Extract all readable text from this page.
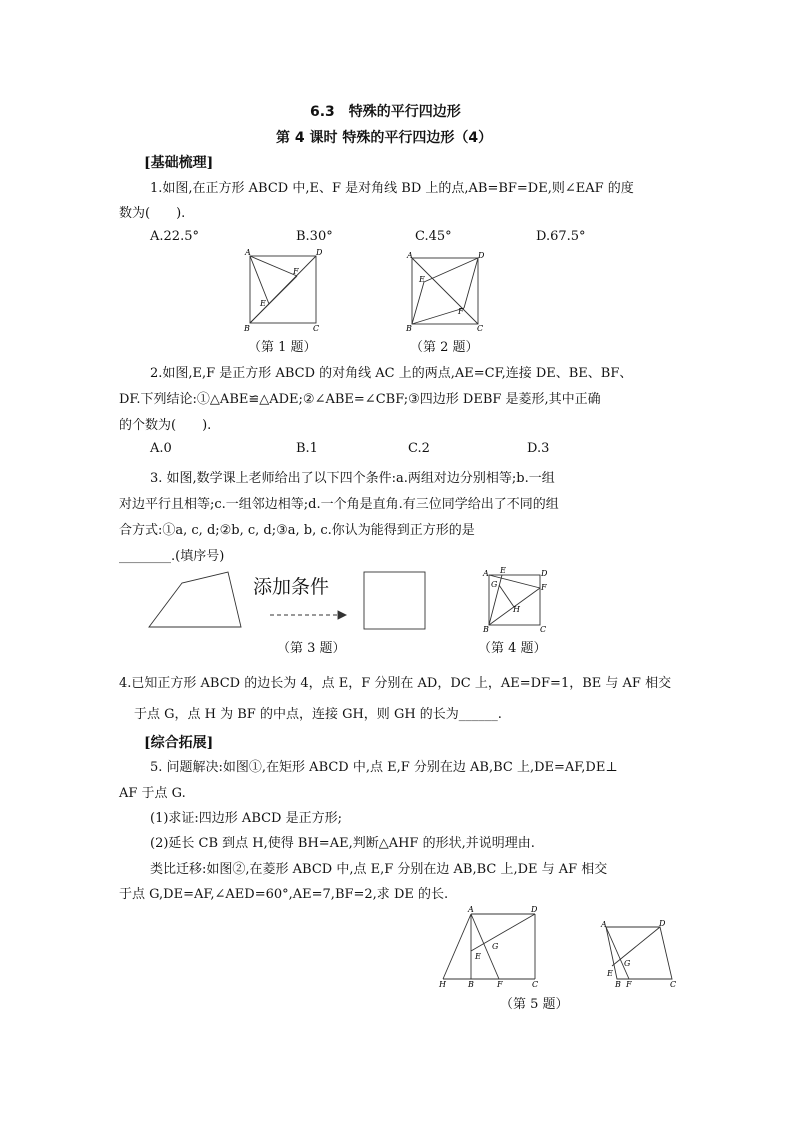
6.3　特殊的平行四边形
第 4 课时 特殊的平行四边形（4）
[基础梳理]
1.如图,在正方形 ABCD 中,E、F 是对角线 BD 上的点,AB=BF=DE,则∠EAF 的度
数为(　　).
A.22.5°	B.30°	C.45°	D.67.5°
A	D
B	C
E
F
（第 1 题）
A	D
B	C
E
F
（第 2 题）
2.如图,E,F 是正方形 ABCD 的对角线 AC 上的两点,AE=CF,连接 DE、BE、BF、
DF.下列结论:①△ABE≌△ADE;②∠ABE=∠CBF;③四边形 DEBF 是菱形,其中正确
的个数为(　　).
A.0	B.1	C.2	D.3
3. 如图,数学课上老师给出了以下四个条件:a.两组对边分别相等;b.一组
对边平行且相等;c.一组邻边相等;d.一个角是直角.有三位同学给出了不同的组
合方式:①a, c, d;②b, c, d;③a, b, c.你认为能得到正方形的是
________.(填序号)
添加条件
（第 3 题）
A E	D
F
G
H
B	C
（第 4 题）
4.已知正方形 ABCD 的边长为 4，点 E，F 分别在 AD，DC 上，AE=DF=1，BE 与 AF 相交
于点 G，点 H 为 BF 的中点，连接 GH，则 GH 的长为______.
[综合拓展]
5. 问题解决:如图①,在矩形 ABCD 中,点 E,F 分别在边 AB,BC 上,DE=AF,DE⊥
AF 于点 G.
(1)求证:四边形 ABCD 是正方形;
(2)延长 CB 到点 H,使得 BH=AE,判断△AHF 的形状,并说明理由.
类比迁移:如图②,在菱形 ABCD 中,点 E,F 分别在边 AB,BC 上,DE 与 AF 相交
于点 G,DE=AF,∠AED=60°,AE=7,BF=2,求 DE 的长.
A	D
E
G
H	B	F	C
A	D
E
G
B F	C
（第 5 题）
